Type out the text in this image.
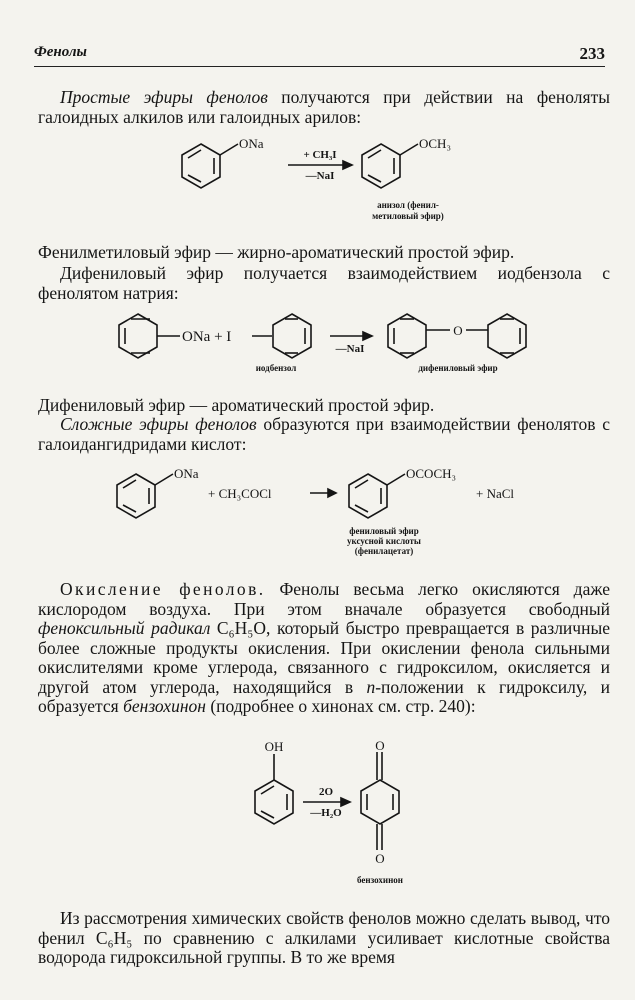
Фенолы	233
Простые эфиры фенолов получаются при действии на феноляты галоидных алкилов или галоидных арилов:
ONa
+ CH₃I
—NaI
OCH₃
анизол (фенил-
метиловый эфир)
Фенилметиловый эфир — жирно-ароматический простой эфир.
Дифениловый эфир получается взаимодействием иодбензола с фенолятом натрия:
ONa + I
—NaI
O
иодбензол	дифениловый эфир
Дифениловый эфир — ароматический простой эфир.
Сложные эфиры фенолов образуются при взаимодействии фенолятов с галоидангидридами кислот:
ONa
+ CH₃COCl
OCOCH₃
+ NaCl
фениловый эфир
уксусной кислоты
(фенилацетат)
Окисление фенолов. Фенолы весьма легко окисляются даже кислородом воздуха. При этом вначале образуется свободный феноксильный радикал C₆H₅O, который быстро превращается в различные более сложные продукты окисления. При окислении фенола сильными окислителями кроме углерода, связанного с гидроксилом, окисляется и другой атом углерода, находящийся в п-положении к гидроксилу, и образуется бензохинон (подробнее о хинонах см. стр. 240):
OH
2O
—H₂O
O
O
бензохинон
Из рассмотрения химических свойств фенолов можно сделать вывод, что фенил C₆H₅ по сравнению с алкилами усиливает кислотные свойства водорода гидроксильной группы. В то же время
